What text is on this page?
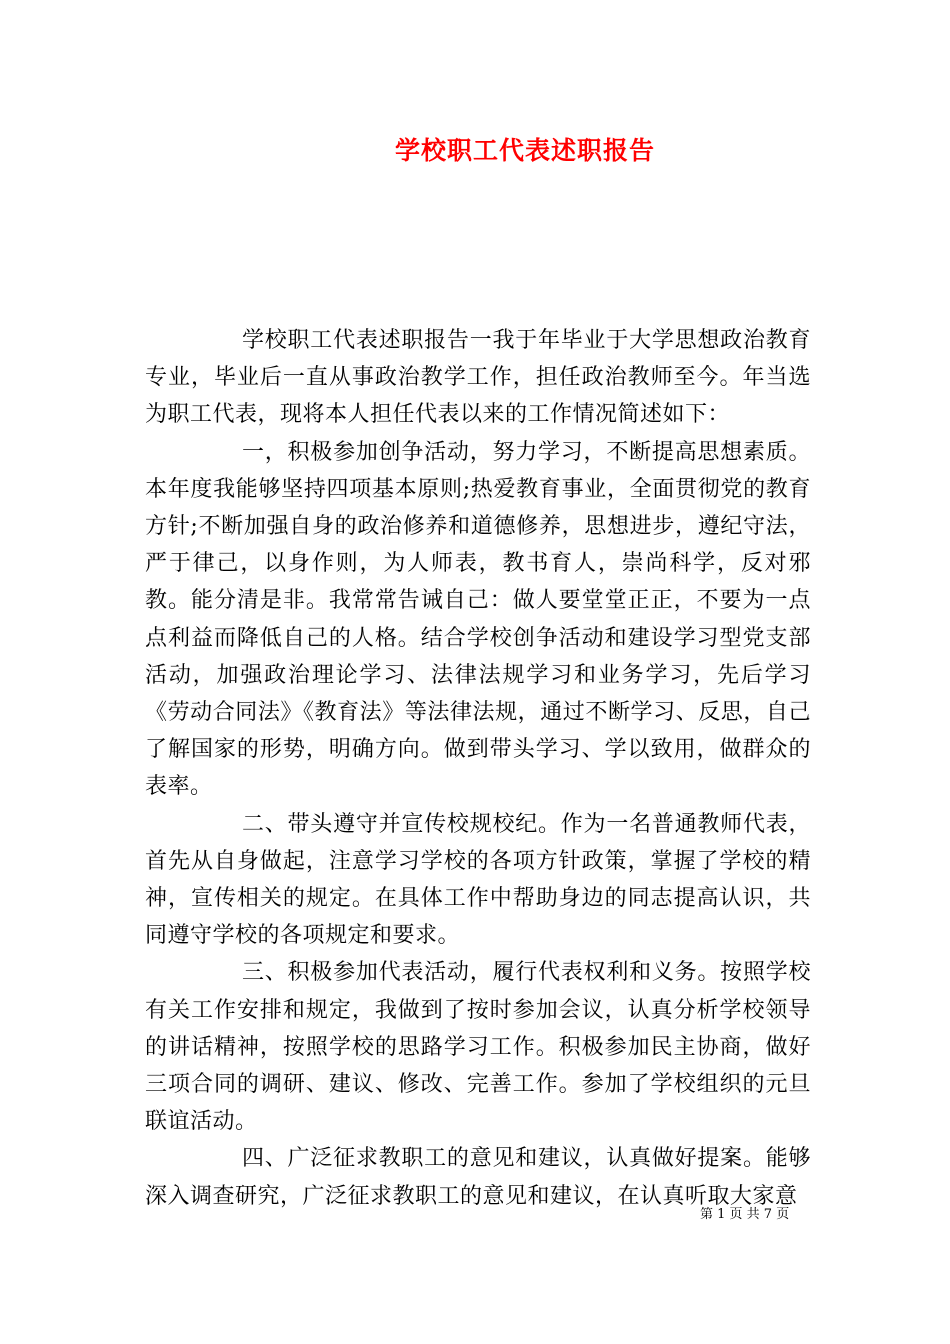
学校职工代表述职报告

学校职工代表述职报告一我于年毕业于大学思想政治教育专业，毕业后一直从事政治教学工作，担任政治教师至今。年当选为职工代表，现将本人担任代表以来的工作情况简述如下：

一，积极参加创争活动，努力学习，不断提高思想素质。本年度我能够坚持四项基本原则;热爱教育事业，全面贯彻党的教育方针;不断加强自身的政治修养和道德修养，思想进步，遵纪守法，严于律己，以身作则，为人师表，教书育人，崇尚科学，反对邪教。能分清是非。我常常告诫自己：做人要堂堂正正，不要为一点点利益而降低自己的人格。结合学校创争活动和建设学习型党支部活动，加强政治理论学习、法律法规学习和业务学习，先后学习《劳动合同法》《教育法》等法律法规，通过不断学习、反思，自己了解国家的形势，明确方向。做到带头学习、学以致用，做群众的表率。

二、带头遵守并宣传校规校纪。作为一名普通教师代表，首先从自身做起，注意学习学校的各项方针政策，掌握了学校的精神，宣传相关的规定。在具体工作中帮助身边的同志提高认识，共同遵守学校的各项规定和要求。

三、积极参加代表活动，履行代表权利和义务。按照学校有关工作安排和规定，我做到了按时参加会议，认真分析学校领导的讲话精神，按照学校的思路学习工作。积极参加民主协商，做好三项合同的调研、建议、修改、完善工作。参加了学校组织的元旦联谊活动。

四、广泛征求教职工的意见和建议，认真做好提案。能够深入调查研究，广泛征求教职工的意见和建议，在认真听取大家意

第 1 页 共 7 页
